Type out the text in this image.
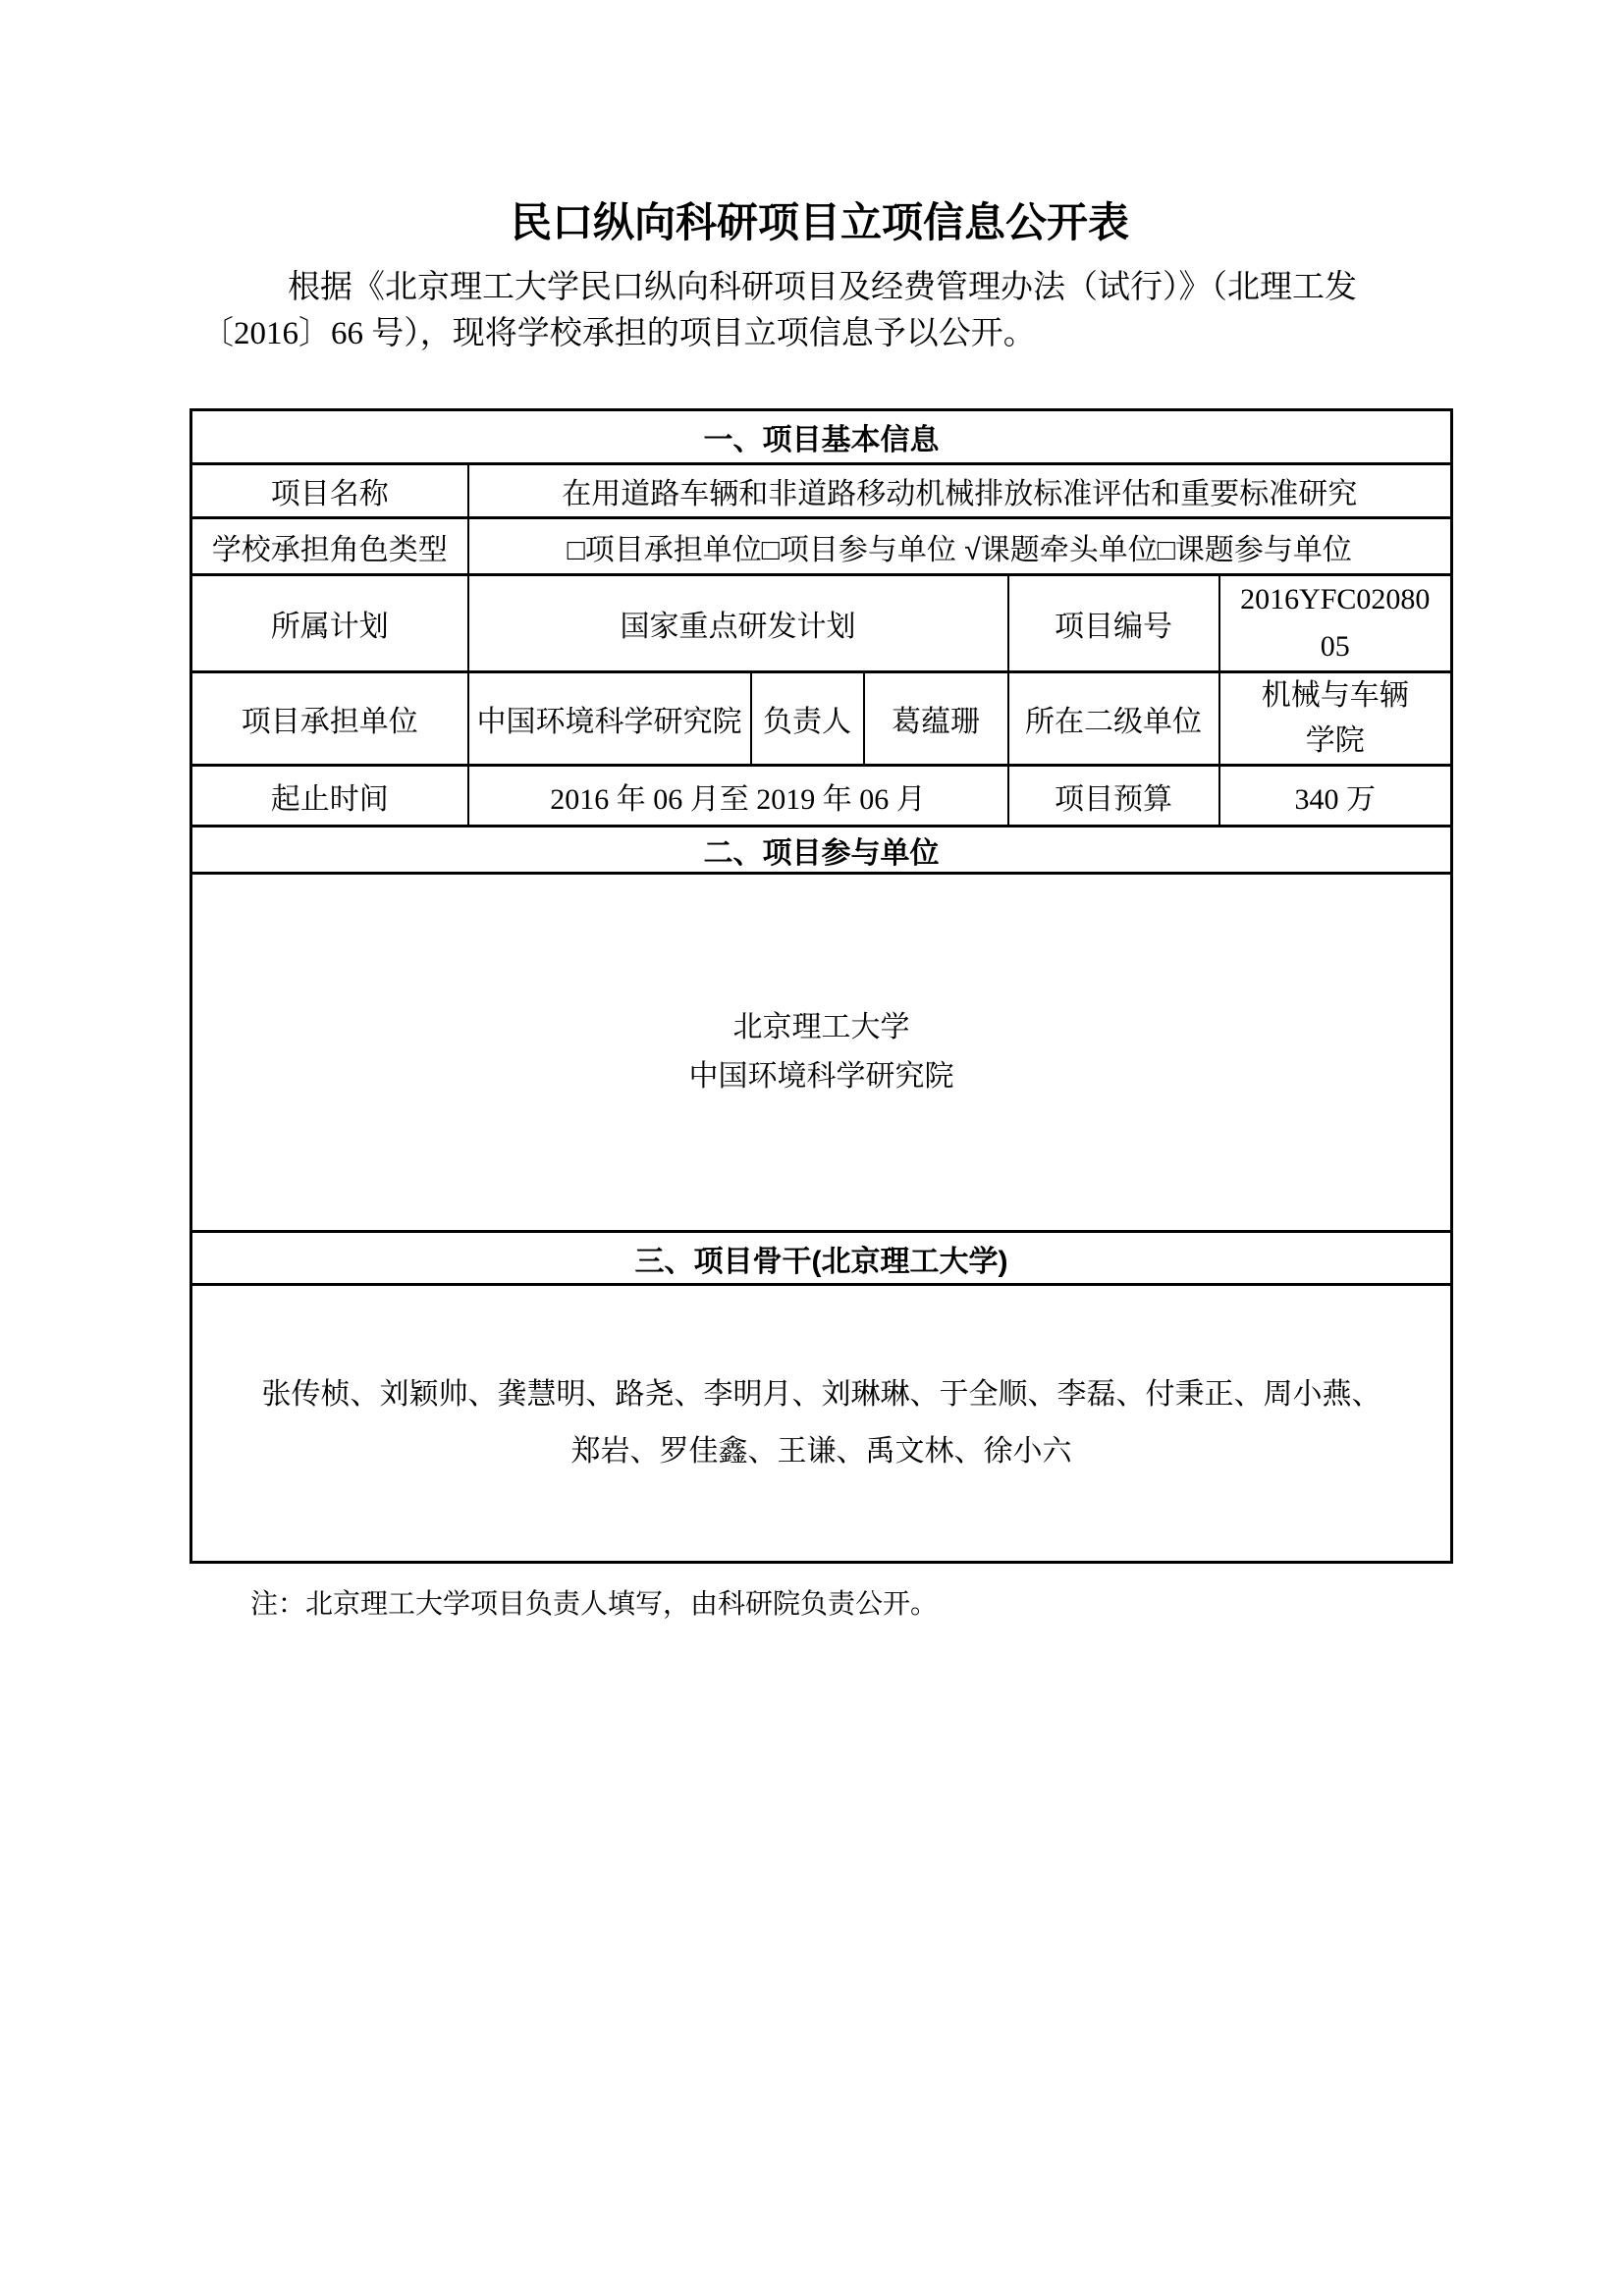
民口纵向科研项目立项信息公开表
根据《北京理工大学民口纵向科研项目及经费管理办法（试行）》（北理工发
〔2016〕66 号），现将学校承担的项目立项信息予以公开。
一、项目基本信息					
项目名称	在用道路车辆和非道路移动机械排放标准评估和重要标准研究				
学校承担角色类型	□项目承担单位□项目参与单位 √课题牵头单位□课题参与单位				
所属计划	国家重点研发计划			项目编号	2016YFC0208005

项目承担单位	中国环境科学研究院	负责人	葛蕴珊	所在二级单位	机械与车辆学院

起止时间	2016 年 06 月至 2019 年 06 月			项目预算	340 万
二、项目参与单位					

北京理工大学
中国环境科学研究院					

三、项目骨干(北京理工大学)					

张传桢、刘颖帅、龚慧明、路尧、李明月、刘琳琳、于全顺、李磊、付秉正、周小燕、
郑岩、罗佳鑫、王谦、禹文林、徐小六					
注：北京理工大学项目负责人填写，由科研院负责公开。
